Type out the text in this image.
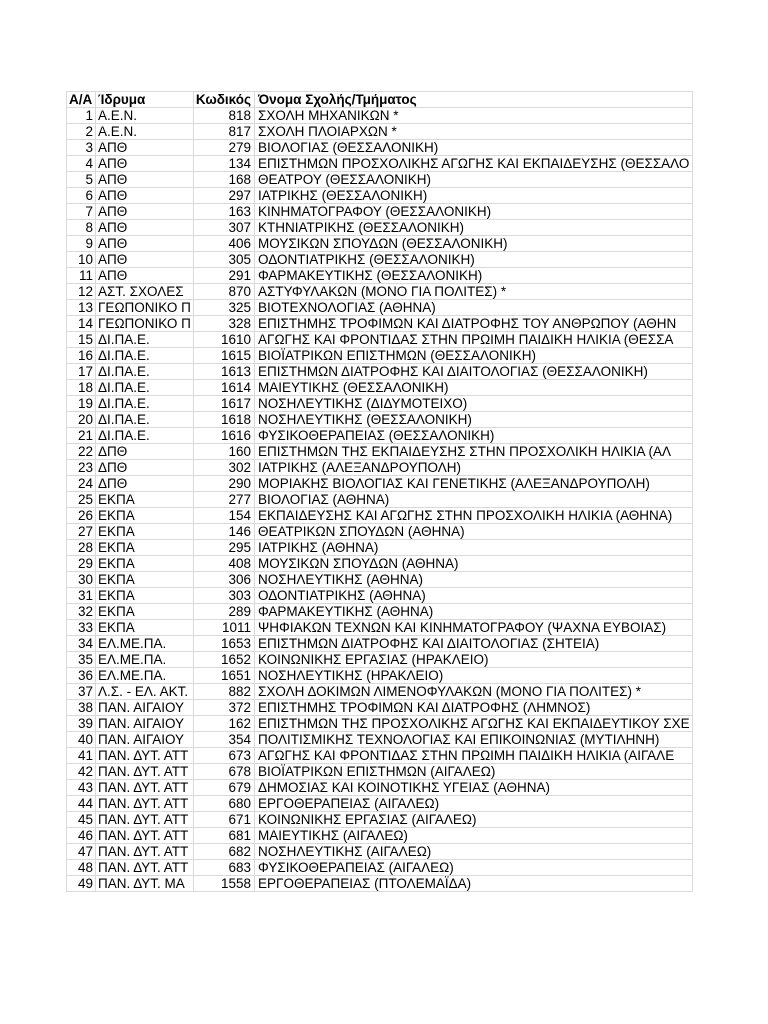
Α/Α	Ίδρυμα	Κωδικός	Όνομα Σχολής/Τμήματος
1	Α.Ε.Ν.	818	ΣΧΟΛΗ ΜΗΧΑΝΙΚΩΝ *
2	Α.Ε.Ν.	817	ΣΧΟΛΗ ΠΛΟΙΑΡΧΩΝ *
3	ΑΠΘ	279	ΒΙΟΛΟΓΙΑΣ (ΘΕΣΣΑΛΟΝΙΚΗ)
4	ΑΠΘ	134	ΕΠΙΣΤΗΜΩΝ ΠΡΟΣΧΟΛΙΚΗΣ ΑΓΩΓΗΣ ΚΑΙ ΕΚΠΑΙΔΕΥΣΗΣ (ΘΕΣΣΑΛΟ
5	ΑΠΘ	168	ΘΕΑΤΡΟΥ (ΘΕΣΣΑΛΟΝΙΚΗ)
6	ΑΠΘ	297	ΙΑΤΡΙΚΗΣ (ΘΕΣΣΑΛΟΝΙΚΗ)
7	ΑΠΘ	163	ΚΙΝΗΜΑΤΟΓΡΑΦΟΥ (ΘΕΣΣΑΛΟΝΙΚΗ)
8	ΑΠΘ	307	ΚΤΗΝΙΑΤΡΙΚΗΣ (ΘΕΣΣΑΛΟΝΙΚΗ)
9	ΑΠΘ	406	ΜΟΥΣΙΚΩΝ ΣΠΟΥΔΩΝ (ΘΕΣΣΑΛΟΝΙΚΗ)
10	ΑΠΘ	305	ΟΔΟΝΤΙΑΤΡΙΚΗΣ (ΘΕΣΣΑΛΟΝΙΚΗ)
11	ΑΠΘ	291	ΦΑΡΜΑΚΕΥΤΙΚΗΣ (ΘΕΣΣΑΛΟΝΙΚΗ)
12	ΑΣΤ. ΣΧΟΛΕΣ	870	ΑΣΤΥΦΥΛΑΚΩΝ (ΜΟΝΟ ΓΙΑ ΠΟΛΙΤΕΣ) *
13	ΓΕΩΠΟΝΙΚΟ Π	325	ΒΙΟΤΕΧΝΟΛΟΓΙΑΣ (ΑΘΗΝΑ)
14	ΓΕΩΠΟΝΙΚΟ Π	328	ΕΠΙΣΤΗΜΗΣ ΤΡΟΦΙΜΩΝ ΚΑΙ ΔΙΑΤΡΟΦΗΣ ΤΟΥ ΑΝΘΡΩΠΟΥ (ΑΘΗΝ
15	ΔΙ.ΠΑ.Ε.	1610	ΑΓΩΓΗΣ ΚΑΙ ΦΡΟΝΤΙΔΑΣ ΣΤΗΝ ΠΡΩΙΜΗ ΠΑΙΔΙΚΗ ΗΛΙΚΙΑ (ΘΕΣΣΑ
16	ΔΙ.ΠΑ.Ε.	1615	ΒΙΟΪΑΤΡΙΚΩΝ ΕΠΙΣΤΗΜΩΝ (ΘΕΣΣΑΛΟΝΙΚΗ)
17	ΔΙ.ΠΑ.Ε.	1613	ΕΠΙΣΤΗΜΩΝ ΔΙΑΤΡΟΦΗΣ ΚΑΙ ΔΙΑΙΤΟΛΟΓΙΑΣ (ΘΕΣΣΑΛΟΝΙΚΗ)
18	ΔΙ.ΠΑ.Ε.	1614	ΜΑΙΕΥΤΙΚΗΣ (ΘΕΣΣΑΛΟΝΙΚΗ)
19	ΔΙ.ΠΑ.Ε.	1617	ΝΟΣΗΛΕΥΤΙΚΗΣ (ΔΙΔΥΜΟΤΕΙΧΟ)
20	ΔΙ.ΠΑ.Ε.	1618	ΝΟΣΗΛΕΥΤΙΚΗΣ (ΘΕΣΣΑΛΟΝΙΚΗ)
21	ΔΙ.ΠΑ.Ε.	1616	ΦΥΣΙΚΟΘΕΡΑΠΕΙΑΣ (ΘΕΣΣΑΛΟΝΙΚΗ)
22	ΔΠΘ	160	ΕΠΙΣΤΗΜΩΝ ΤΗΣ ΕΚΠΑΙΔΕΥΣΗΣ ΣΤΗΝ ΠΡΟΣΧΟΛΙΚΗ ΗΛΙΚΙΑ (ΑΛ
23	ΔΠΘ	302	ΙΑΤΡΙΚΗΣ (ΑΛΕΞΑΝΔΡΟΥΠΟΛΗ)
24	ΔΠΘ	290	ΜΟΡΙΑΚΗΣ ΒΙΟΛΟΓΙΑΣ ΚΑΙ ΓΕΝΕΤΙΚΗΣ (ΑΛΕΞΑΝΔΡΟΥΠΟΛΗ)
25	ΕΚΠΑ	277	ΒΙΟΛΟΓΙΑΣ (ΑΘΗΝΑ)
26	ΕΚΠΑ	154	ΕΚΠΑΙΔΕΥΣΗΣ ΚΑΙ ΑΓΩΓΗΣ ΣΤΗΝ ΠΡΟΣΧΟΛΙΚΗ ΗΛΙΚΙΑ (ΑΘΗΝΑ)
27	ΕΚΠΑ	146	ΘΕΑΤΡΙΚΩΝ ΣΠΟΥΔΩΝ (ΑΘΗΝΑ)
28	ΕΚΠΑ	295	ΙΑΤΡΙΚΗΣ (ΑΘΗΝΑ)
29	ΕΚΠΑ	408	ΜΟΥΣΙΚΩΝ ΣΠΟΥΔΩΝ (ΑΘΗΝΑ)
30	ΕΚΠΑ	306	ΝΟΣΗΛΕΥΤΙΚΗΣ (ΑΘΗΝΑ)
31	ΕΚΠΑ	303	ΟΔΟΝΤΙΑΤΡΙΚΗΣ (ΑΘΗΝΑ)
32	ΕΚΠΑ	289	ΦΑΡΜΑΚΕΥΤΙΚΗΣ (ΑΘΗΝΑ)
33	ΕΚΠΑ	1011	ΨΗΦΙΑΚΩΝ ΤΕΧΝΩΝ ΚΑΙ ΚΙΝΗΜΑΤΟΓΡΑΦΟΥ (ΨΑΧΝΑ ΕΥΒΟΙΑΣ)
34	ΕΛ.ΜΕ.ΠΑ.	1653	ΕΠΙΣΤΗΜΩΝ ΔΙΑΤΡΟΦΗΣ ΚΑΙ ΔΙΑΙΤΟΛΟΓΙΑΣ (ΣΗΤΕΙΑ)
35	ΕΛ.ΜΕ.ΠΑ.	1652	ΚΟΙΝΩΝΙΚΗΣ ΕΡΓΑΣΙΑΣ (ΗΡΑΚΛΕΙΟ)
36	ΕΛ.ΜΕ.ΠΑ.	1651	ΝΟΣΗΛΕΥΤΙΚΗΣ (ΗΡΑΚΛΕΙΟ)
37	Λ.Σ. - ΕΛ. ΑΚΤ.	882	ΣΧΟΛΗ ΔΟΚΙΜΩΝ ΛΙΜΕΝΟΦΥΛΑΚΩΝ (ΜΟΝΟ ΓΙΑ ΠΟΛΙΤΕΣ) *
38	ΠΑΝ. ΑΙΓΑΙΟΥ	372	ΕΠΙΣΤΗΜΗΣ ΤΡΟΦΙΜΩΝ ΚΑΙ ΔΙΑΤΡΟΦΗΣ (ΛΗΜΝΟΣ)
39	ΠΑΝ. ΑΙΓΑΙΟΥ	162	ΕΠΙΣΤΗΜΩΝ ΤΗΣ ΠΡΟΣΧΟΛΙΚΗΣ ΑΓΩΓΗΣ ΚΑΙ ΕΚΠΑΙΔΕΥΤΙΚΟΥ ΣΧΕ
40	ΠΑΝ. ΑΙΓΑΙΟΥ	354	ΠΟΛΙΤΙΣΜΙΚΗΣ ΤΕΧΝΟΛΟΓΙΑΣ ΚΑΙ ΕΠΙΚΟΙΝΩΝΙΑΣ (ΜΥΤΙΛΗΝΗ)
41	ΠΑΝ. ΔΥΤ. ΑΤΤ	673	ΑΓΩΓΗΣ ΚΑΙ ΦΡΟΝΤΙΔΑΣ ΣΤΗΝ ΠΡΩΙΜΗ ΠΑΙΔΙΚΗ ΗΛΙΚΙΑ (ΑΙΓΑΛΕ
42	ΠΑΝ. ΔΥΤ. ΑΤΤ	678	ΒΙΟΪΑΤΡΙΚΩΝ ΕΠΙΣΤΗΜΩΝ (ΑΙΓΑΛΕΩ)
43	ΠΑΝ. ΔΥΤ. ΑΤΤ	679	ΔΗΜΟΣΙΑΣ ΚΑΙ ΚΟΙΝΟΤΙΚΗΣ ΥΓΕΙΑΣ (ΑΘΗΝΑ)
44	ΠΑΝ. ΔΥΤ. ΑΤΤ	680	ΕΡΓΟΘΕΡΑΠΕΙΑΣ (ΑΙΓΑΛΕΩ)
45	ΠΑΝ. ΔΥΤ. ΑΤΤ	671	ΚΟΙΝΩΝΙΚΗΣ ΕΡΓΑΣΙΑΣ (ΑΙΓΑΛΕΩ)
46	ΠΑΝ. ΔΥΤ. ΑΤΤ	681	ΜΑΙΕΥΤΙΚΗΣ (ΑΙΓΑΛΕΩ)
47	ΠΑΝ. ΔΥΤ. ΑΤΤ	682	ΝΟΣΗΛΕΥΤΙΚΗΣ (ΑΙΓΑΛΕΩ)
48	ΠΑΝ. ΔΥΤ. ΑΤΤ	683	ΦΥΣΙΚΟΘΕΡΑΠΕΙΑΣ (ΑΙΓΑΛΕΩ)
49	ΠΑΝ. ΔΥΤ. ΜΑ	1558	ΕΡΓΟΘΕΡΑΠΕΙΑΣ (ΠΤΟΛΕΜΑΪΔΑ)
